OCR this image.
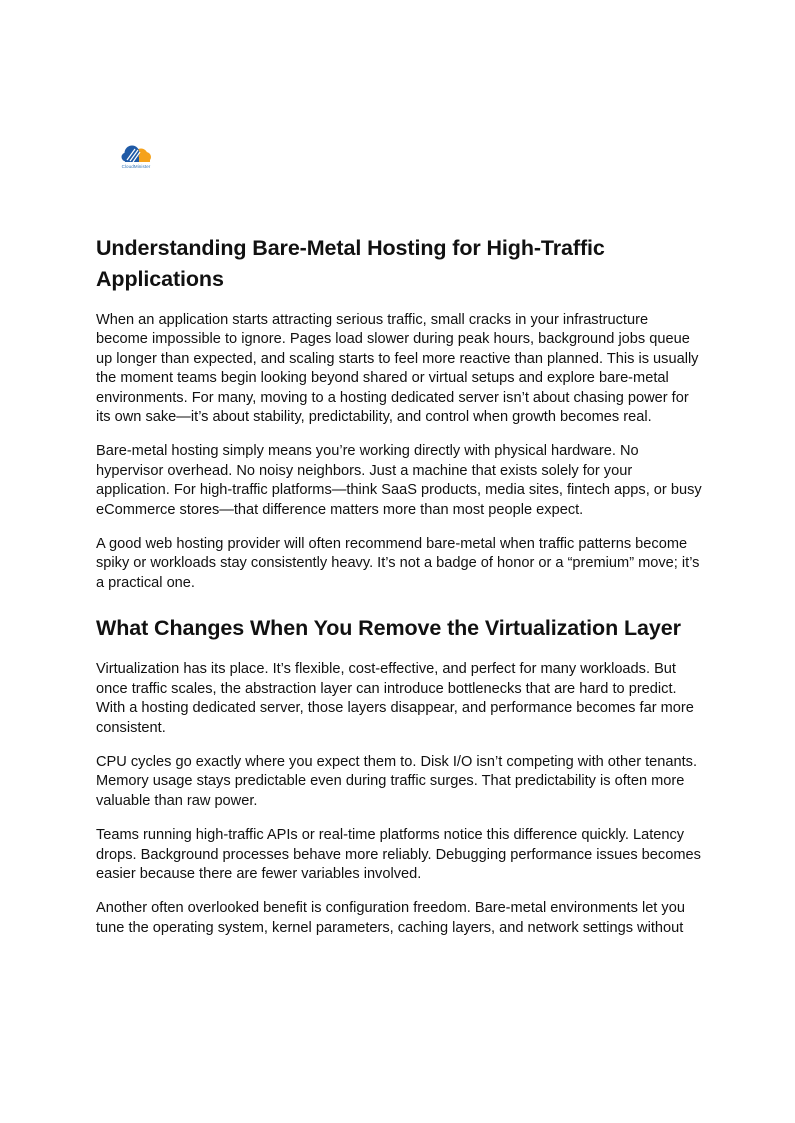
CloudMinister
Understanding Bare-Metal Hosting for High-Traffic Applications

When an application starts attracting serious traffic, small cracks in your infrastructure become impossible to ignore. Pages load slower during peak hours, background jobs queue up longer than expected, and scaling starts to feel more reactive than planned. This is usually the moment teams begin looking beyond shared or virtual setups and explore bare-metal environments. For many, moving to a hosting dedicated server isn’t about chasing power for its own sake—it’s about stability, predictability, and control when growth becomes real.

Bare-metal hosting simply means you’re working directly with physical hardware. No hypervisor overhead. No noisy neighbors. Just a machine that exists solely for your application. For high-traffic platforms—think SaaS products, media sites, fintech apps, or busy eCommerce stores—that difference matters more than most people expect.

A good web hosting provider will often recommend bare-metal when traffic patterns become spiky or workloads stay consistently heavy. It’s not a badge of honor or a “premium” move; it’s a practical one.

What Changes When You Remove the Virtualization Layer

Virtualization has its place. It’s flexible, cost-effective, and perfect for many workloads. But once traffic scales, the abstraction layer can introduce bottlenecks that are hard to predict. With a hosting dedicated server, those layers disappear, and performance becomes far more consistent.

CPU cycles go exactly where you expect them to. Disk I/O isn’t competing with other tenants. Memory usage stays predictable even during traffic surges. That predictability is often more valuable than raw power.

Teams running high-traffic APIs or real-time platforms notice this difference quickly. Latency drops. Background processes behave more reliably. Debugging performance issues becomes easier because there are fewer variables involved.

Another often overlooked benefit is configuration freedom. Bare-metal environments let you tune the operating system, kernel parameters, caching layers, and network settings without
